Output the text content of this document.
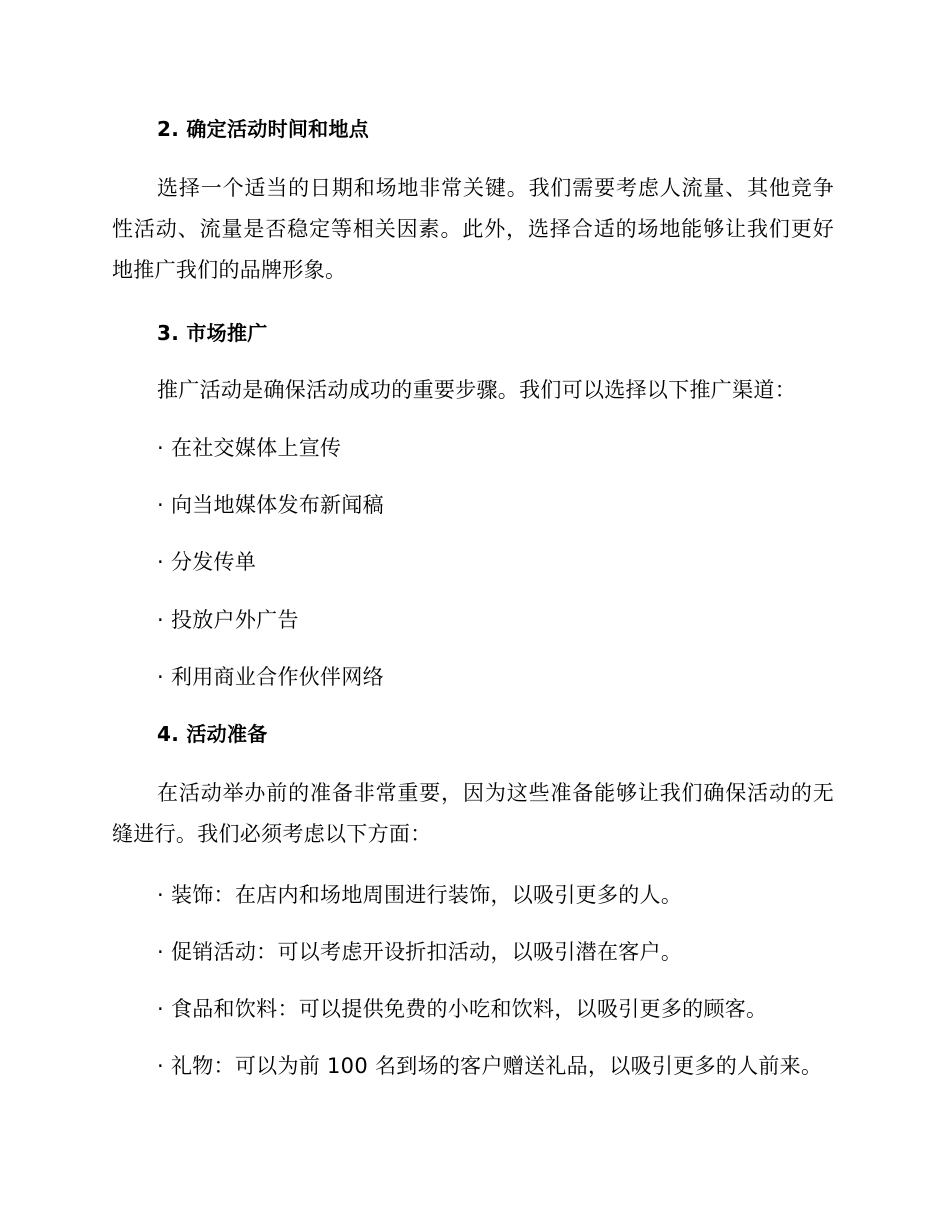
2. 确定活动时间和地点
选择一个适当的日期和场地非常关键。我们需要考虑人流量、其他竞争性活动、流量是否稳定等相关因素。此外，选择合适的场地能够让我们更好地推广我们的品牌形象。
3. 市场推广
推广活动是确保活动成功的重要步骤。我们可以选择以下推广渠道：
· 在社交媒体上宣传
· 向当地媒体发布新闻稿
· 分发传单
· 投放户外广告
· 利用商业合作伙伴网络
4. 活动准备
在活动举办前的准备非常重要，因为这些准备能够让我们确保活动的无缝进行。我们必须考虑以下方面：
· 装饰：在店内和场地周围进行装饰，以吸引更多的人。
· 促销活动：可以考虑开设折扣活动，以吸引潜在客户。
· 食品和饮料：可以提供免费的小吃和饮料，以吸引更多的顾客。
· 礼物：可以为前 100 名到场的客户赠送礼品，以吸引更多的人前来。
